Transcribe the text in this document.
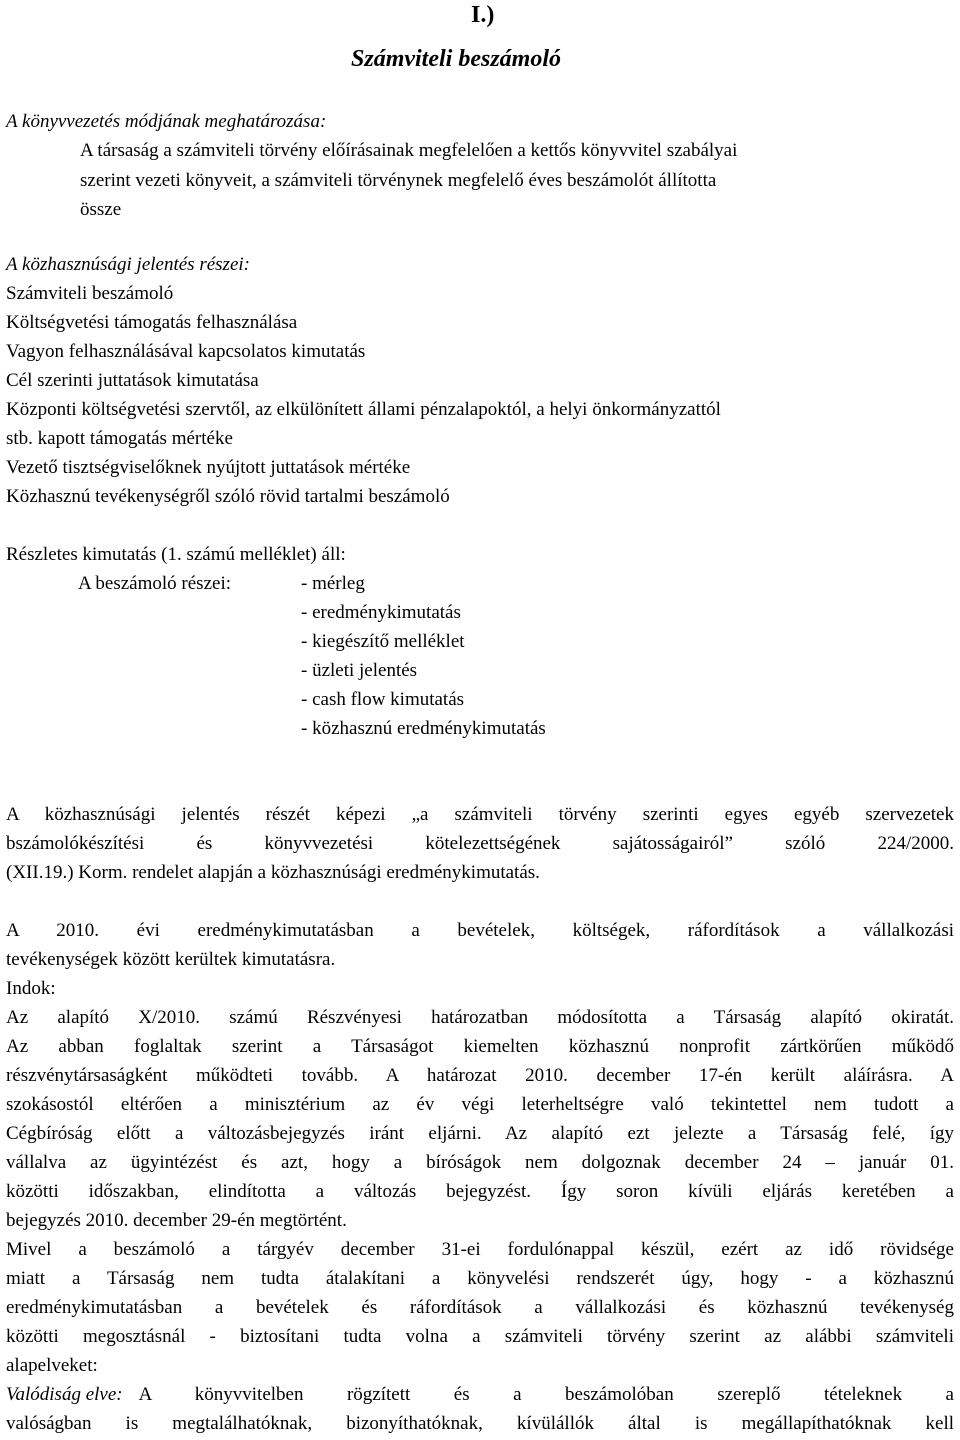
I.)
Számviteli beszámoló
A könyvvezetés módjának meghatározása:
A társaság a számviteli törvény előírásainak megfelelően a kettős könyvvitel szabályai
szerint vezeti könyveit, a számviteli törvénynek megfelelő éves beszámolót állította
össze
A közhasznúsági jelentés részei:
Számviteli beszámoló
Költségvetési támogatás felhasználása
Vagyon felhasználásával kapcsolatos kimutatás
Cél szerinti juttatások kimutatása
Központi költségvetési szervtől, az elkülönített állami pénzalapoktól, a helyi önkormányzattól
stb. kapott támogatás mértéke
Vezető tisztségviselőknek nyújtott juttatások mértéke
Közhasznú tevékenységről szóló rövid tartalmi beszámoló
Részletes kimutatás (1. számú melléklet) áll:
A beszámoló részei:	- mérleg
- eredménykimutatás
- kiegészítő melléklet
- üzleti jelentés
- cash flow kimutatás
- közhasznú eredménykimutatás
A közhasznúsági jelentés részét képezi „a számviteli törvény szerinti egyes egyéb szervezetek
bszámolókészítési és könyvvezetési kötelezettségének sajátosságairól” szóló 224/2000.
(XII.19.) Korm. rendelet alapján a közhasznúsági eredménykimutatás.
A 2010. évi eredménykimutatásban a bevételek, költségek, ráfordítások a vállalkozási
tevékenységek között kerültek kimutatásra.
Indok:
Az alapító X/2010. számú Részvényesi határozatban módosította a Társaság alapító okiratát.
Az abban foglaltak szerint a Társaságot kiemelten közhasznú nonprofit zártkörűen működő
részvénytársaságként működteti tovább. A határozat 2010. december 17-én került aláírásra. A
szokásostól eltérően a minisztérium az év végi leterheltségre való tekintettel nem tudott a
Cégbíróság előtt a változásbejegyzés iránt eljárni. Az alapító ezt jelezte a Társaság felé, így
vállalva az ügyintézést és azt, hogy a bíróságok nem dolgoznak december 24 – január 01.
közötti időszakban, elindította a változás bejegyzést. Így soron kívüli eljárás keretében a
bejegyzés 2010. december 29-én megtörtént.
Mivel a beszámoló a tárgyév december 31-ei fordulónappal készül, ezért az idő rövidsége
miatt a Társaság nem tudta átalakítani a könyvelési rendszerét úgy, hogy - a közhasznú
eredménykimutatásban a bevételek és ráfordítások a vállalkozási és közhasznú tevékenység
közötti megosztásnál - biztosítani tudta volna a számviteli törvény szerint az alábbi számviteli
alapelveket:
Valódiság elve: A könyvvitelben rögzített és a beszámolóban szereplő tételeknek a
valóságban is megtalálhatóknak, bizonyíthatóknak, kívülállók által is megállapíthatóknak kell
